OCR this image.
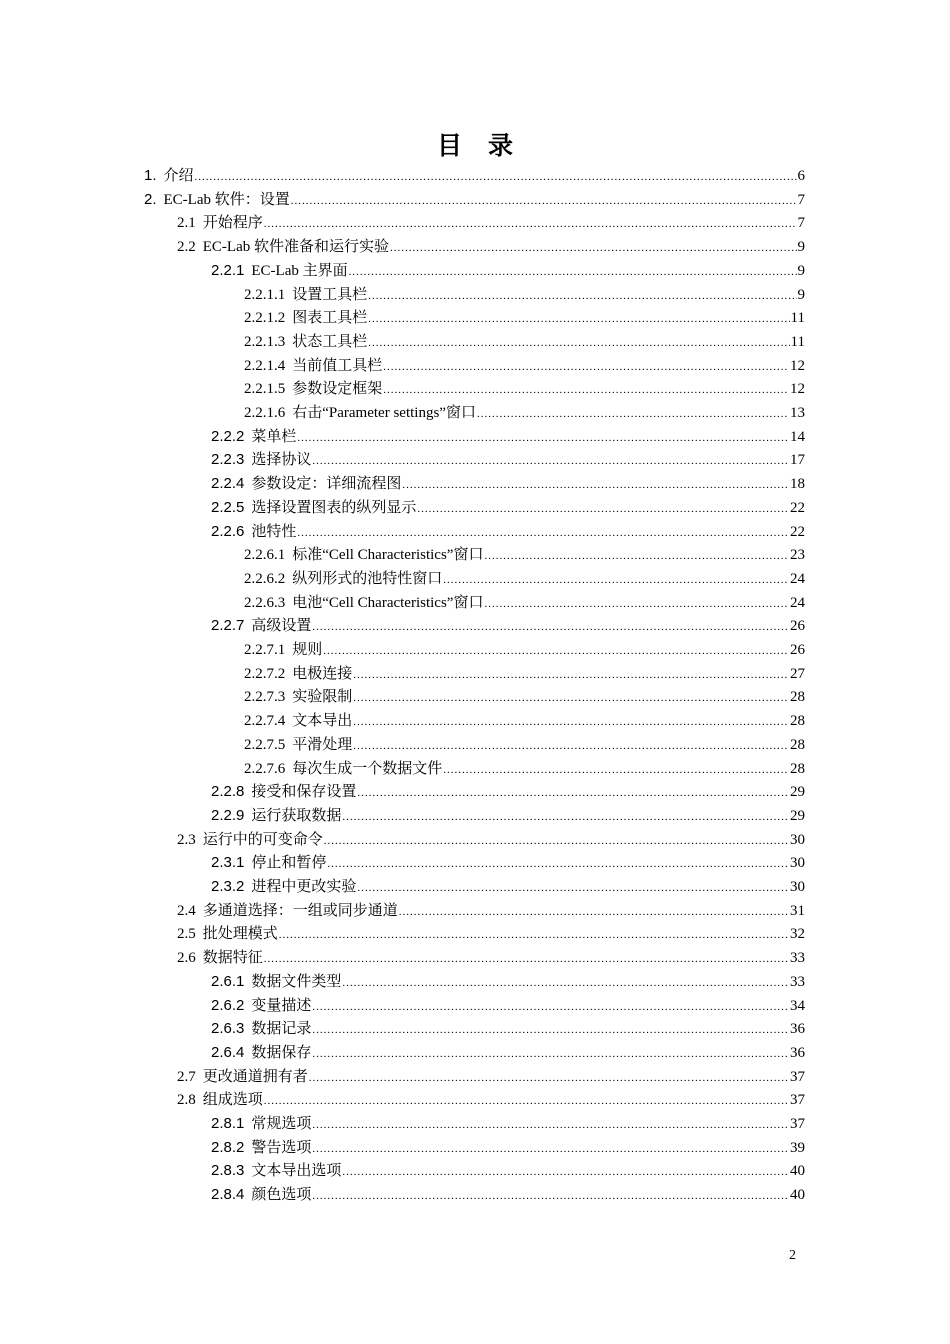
目录
1. 介绍 .....	6
2. EC-Lab 软件：设置 .....	7
2.1 开始程序 .....	7
2.2 EC-Lab 软件准备和运行实验 .....	9
2.2.1 EC-Lab 主界面 .....	9
2.2.1.1 设置工具栏 .....	9
2.2.1.2 图表工具栏 .....	11
2.2.1.3 状态工具栏 .....	11
2.2.1.4 当前值工具栏 .....	12
2.2.1.5 参数设定框架 .....	12
2.2.1.6 右击“Parameter settings”窗口 .....	13
2.2.2 菜单栏 .....	14
2.2.3 选择协议 .....	17
2.2.4 参数设定：详细流程图 .....	18
2.2.5 选择设置图表的纵列显示 .....	22
2.2.6 池特性 .....	22
2.2.6.1 标准“Cell Characteristics”窗口 .....	23
2.2.6.2 纵列形式的池特性窗口 .....	24
2.2.6.3 电池“Cell Characteristics”窗口 .....	24
2.2.7 高级设置 .....	26
2.2.7.1 规则 .....	26
2.2.7.2 电极连接 .....	27
2.2.7.3 实验限制 .....	28
2.2.7.4 文本导出 .....	28
2.2.7.5 平滑处理 .....	28
2.2.7.6 每次生成一个数据文件 .....	28
2.2.8 接受和保存设置 .....	29
2.2.9 运行获取数据 .....	29
2.3 运行中的可变命令 .....	30
2.3.1 停止和暂停 .....	30
2.3.2 进程中更改实验 .....	30
2.4 多通道选择：一组或同步通道 .....	31
2.5 批处理模式 .....	32
2.6 数据特征 .....	33
2.6.1 数据文件类型 .....	33
2.6.2 变量描述 .....	34
2.6.3 数据记录 .....	36
2.6.4 数据保存 .....	36
2.7 更改通道拥有者 .....	37
2.8 组成选项 .....	37
2.8.1 常规选项 .....	37
2.8.2 警告选项 .....	39
2.8.3 文本导出选项 .....	40
2.8.4 颜色选项 .....	40
2
